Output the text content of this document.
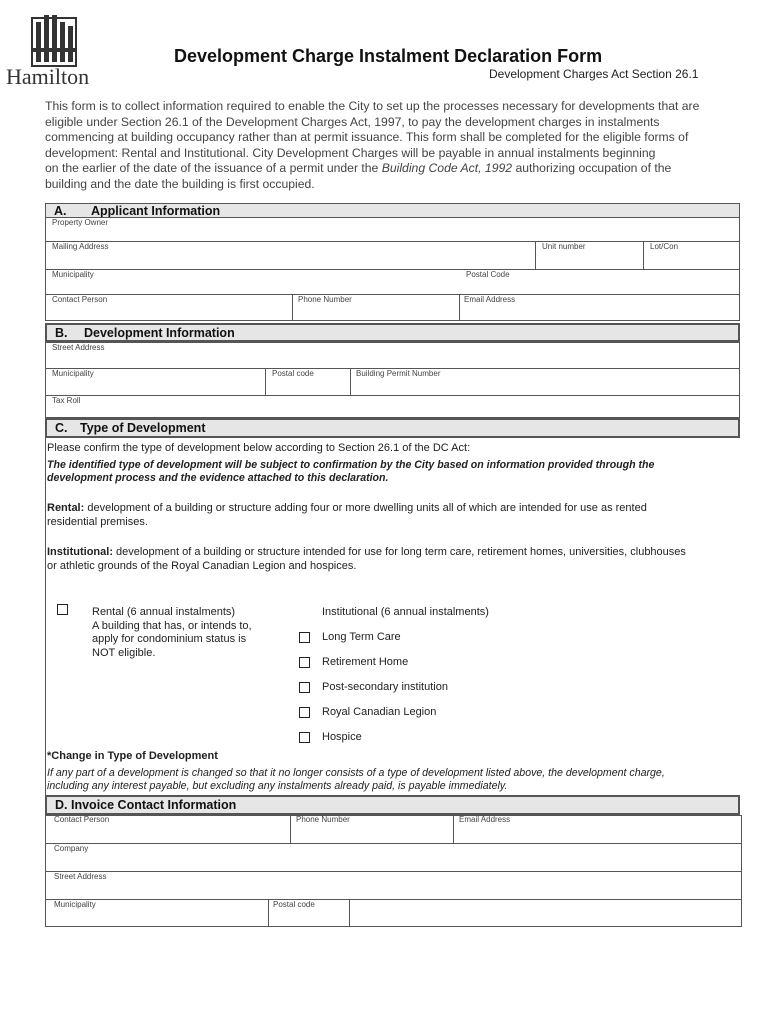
Hamilton
Development Charge Instalment Declaration Form
Development Charges Act Section 26.1
This form is to collect information required to enable the City to set up the processes necessary for developments that are
eligible under Section 26.1 of the Development Charges Act, 1997, to pay the development charges in instalments
commencing at building occupancy rather than at permit issuance. This form shall be completed for the eligible forms of
development: Rental and Institutional. City Development Charges will be payable in annual instalments beginning
on the earlier of the date of the issuance of a permit under the Building Code Act, 1992 authorizing occupation of the
building and the date the building is first occupied.
A. Applicant Information
Property Owner
Mailing Address	Unit number	Lot/Con
Municipality	Postal Code
Contact Person	Phone Number	Email Address
B. Development Information
Street Address
Municipality	Postal code	Building Permit Number
Tax Roll
C. Type of Development
Please confirm the type of development below according to Section 26.1 of the DC Act:
The identified type of development will be subject to confirmation by the City based on information provided through the
development process and the evidence attached to this declaration.
Rental: development of a building or structure adding four or more dwelling units all of which are intended for use as rented
residential premises.
Institutional: development of a building or structure intended for use for long term care, retirement homes, universities, clubhouses
or athletic grounds of the Royal Canadian Legion and hospices.
Rental (6 annual instalments)
A building that has, or intends to,
apply for condominium status is
NOT eligible.
Institutional (6 annual instalments)
Long Term Care
Retirement Home
Post-secondary institution
Royal Canadian Legion
Hospice
*Change in Type of Development
If any part of a development is changed so that it no longer consists of a type of development listed above, the development charge,
including any interest payable, but excluding any instalments already paid, is payable immediately.
D. Invoice Contact Information
Contact Person	Phone Number	Email Address
Company
Street Address
Municipality	Postal code
